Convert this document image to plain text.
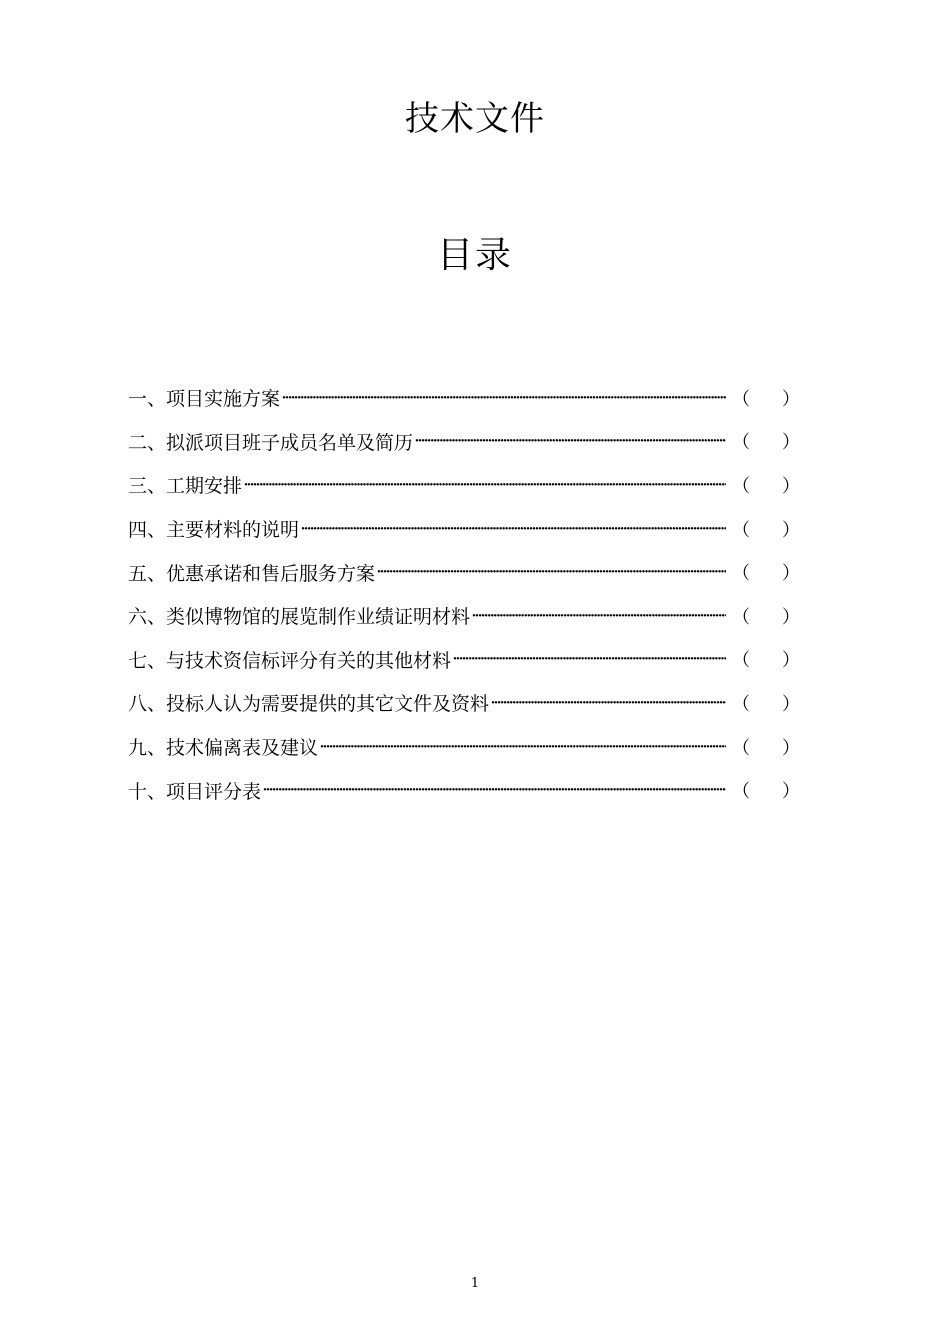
技术文件
目录
一、项目实施方案 ·····	（ ）
二、拟派项目班子成员名单及简历 ·····	（ ）
三、工期安排 ·····	（ ）
四、主要材料的说明 ·····	（ ）
五、优惠承诺和售后服务方案 ·····	（ ）
六、类似博物馆的展览制作业绩证明材料 ·····	（ ）
七、与技术资信标评分有关的其他材料 ·····	（ ）
八、投标人认为需要提供的其它文件及资料 ·····	（ ）
九、技术偏离表及建议 ·····	（ ）
十、项目评分表 ·····	（ ）
1
